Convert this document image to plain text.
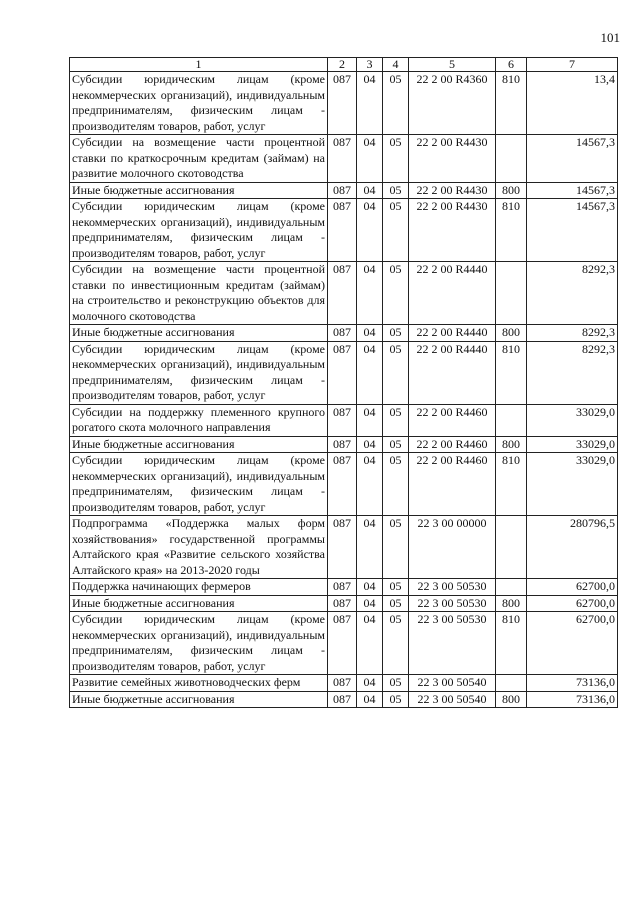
101
1	2	3	4	5	6	7
Субсидии юридическим лицам (кроме некоммерческих организаций), индивидуальным предпринимателям, физическим лицам - производителям товаров, работ, услуг	087	04	05	22 2 00 R4360	810	13,4
Субсидии на возмещение части процентной ставки по краткосрочным кредитам (займам) на развитие молочного скотоводства	087	04	05	22 2 00 R4430		14567,3
Иные бюджетные ассигнования	087	04	05	22 2 00 R4430	800	14567,3
Субсидии юридическим лицам (кроме некоммерческих организаций), индивидуальным предпринимателям, физическим лицам - производителям товаров, работ, услуг	087	04	05	22 2 00 R4430	810	14567,3
Субсидии на возмещение части процентной ставки по инвестиционным кредитам (займам) на строительство и реконструкцию объектов для молочного скотоводства	087	04	05	22 2 00 R4440		8292,3
Иные бюджетные ассигнования	087	04	05	22 2 00 R4440	800	8292,3
Субсидии юридическим лицам (кроме некоммерческих организаций), индивидуальным предпринимателям, физическим лицам - производителям товаров, работ, услуг	087	04	05	22 2 00 R4440	810	8292,3
Субсидии на поддержку племенного крупного рогатого скота молочного направления	087	04	05	22 2 00 R4460		33029,0
Иные бюджетные ассигнования	087	04	05	22 2 00 R4460	800	33029,0
Субсидии юридическим лицам (кроме некоммерческих организаций), индивидуальным предпринимателям, физическим лицам - производителям товаров, работ, услуг	087	04	05	22 2 00 R4460	810	33029,0
Подпрограмма «Поддержка малых форм хозяйствования» государственной программы Алтайского края «Развитие сельского хозяйства Алтайского края» на 2013-2020 годы	087	04	05	22 3 00 00000		280796,5
Поддержка начинающих фермеров	087	04	05	22 3 00 50530		62700,0
Иные бюджетные ассигнования	087	04	05	22 3 00 50530	800	62700,0
Субсидии юридическим лицам (кроме некоммерческих организаций), индивидуальным предпринимателям, физическим лицам - производителям товаров, работ, услуг	087	04	05	22 3 00 50530	810	62700,0
Развитие семейных животноводческих ферм	087	04	05	22 3 00 50540		73136,0
Иные бюджетные ассигнования	087	04	05	22 3 00 50540	800	73136,0
